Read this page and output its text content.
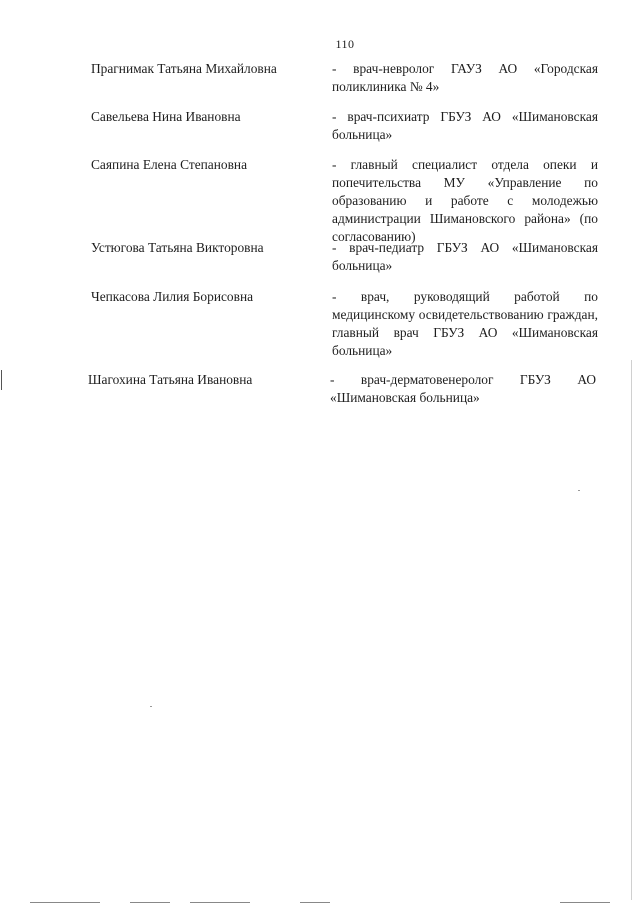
110
Прагнимак Татьяна Михайловна	- врач-невролог ГАУЗ АО «Городская поликлиника № 4»
Савельева Нина Ивановна	- врач-психиатр ГБУЗ АО «Шимановская больница»
Саяпина Елена Степановна	- главный специалист отдела опеки и попечительства МУ «Управление по образованию и работе с молодежью администрации Шимановского района» (по согласованию)
Устюгова Татьяна Викторовна	- врач-педиатр ГБУЗ АО «Шимановская больница»
Чепкасова Лилия Борисовна	- врач, руководящий работой по медицинскому освидетельствованию граждан, главный врач ГБУЗ АО «Шимановская больница»
Шагохина Татьяна Ивановна	- врач-дерматовенеролог ГБУЗ АО «Шимановская больница»
